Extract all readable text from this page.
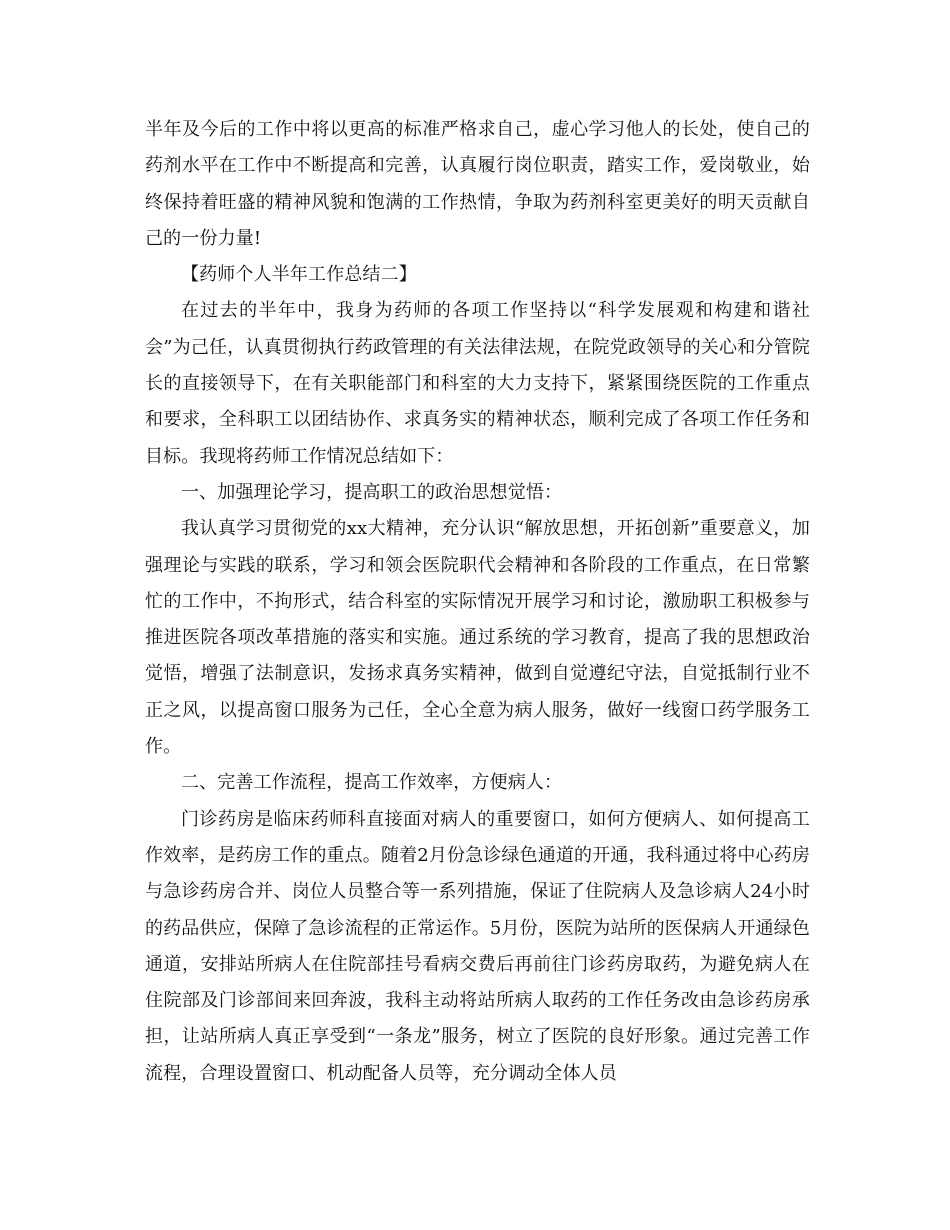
半年及今后的工作中将以更高的标准严格求自己，虚心学习他人的长处，使自己的药剂水平在工作中不断提高和完善，认真履行岗位职责，踏实工作，爱岗敬业，始终保持着旺盛的精神风貌和饱满的工作热情，争取为药剂科室更美好的明天贡献自己的一份力量!

【药师个人半年工作总结二】

在过去的半年中，我身为药师的各项工作坚持以“科学发展观和构建和谐社会”为己任，认真贯彻执行药政管理的有关法律法规，在院党政领导的关心和分管院长的直接领导下，在有关职能部门和科室的大力支持下，紧紧围绕医院的工作重点和要求，全科职工以团结协作、求真务实的精神状态，顺利完成了各项工作任务和目标。我现将药师工作情况总结如下：

一、加强理论学习，提高职工的政治思想觉悟：

我认真学习贯彻党的xx大精神，充分认识“解放思想，开拓创新”重要意义，加强理论与实践的联系，学习和领会医院职代会精神和各阶段的工作重点，在日常繁忙的工作中，不拘形式，结合科室的实际情况开展学习和讨论，激励职工积极参与推进医院各项改革措施的落实和实施。通过系统的学习教育，提高了我的思想政治觉悟，增强了法制意识，发扬求真务实精神，做到自觉遵纪守法，自觉抵制行业不正之风，以提高窗口服务为己任，全心全意为病人服务，做好一线窗口药学服务工作。

二、完善工作流程，提高工作效率，方便病人：

门诊药房是临床药师科直接面对病人的重要窗口，如何方便病人、如何提高工作效率，是药房工作的重点。随着2月份急诊绿色通道的开通，我科通过将中心药房与急诊药房合并、岗位人员整合等一系列措施，保证了住院病人及急诊病人24小时的药品供应，保障了急诊流程的正常运作。5月份，医院为站所的医保病人开通绿色通道，安排站所病人在住院部挂号看病交费后再前往门诊药房取药，为避免病人在住院部及门诊部间来回奔波，我科主动将站所病人取药的工作任务改由急诊药房承担，让站所病人真正享受到“一条龙”服务，树立了医院的良好形象。通过完善工作流程，合理设置窗口、机动配备人员等，充分调动全体人员
